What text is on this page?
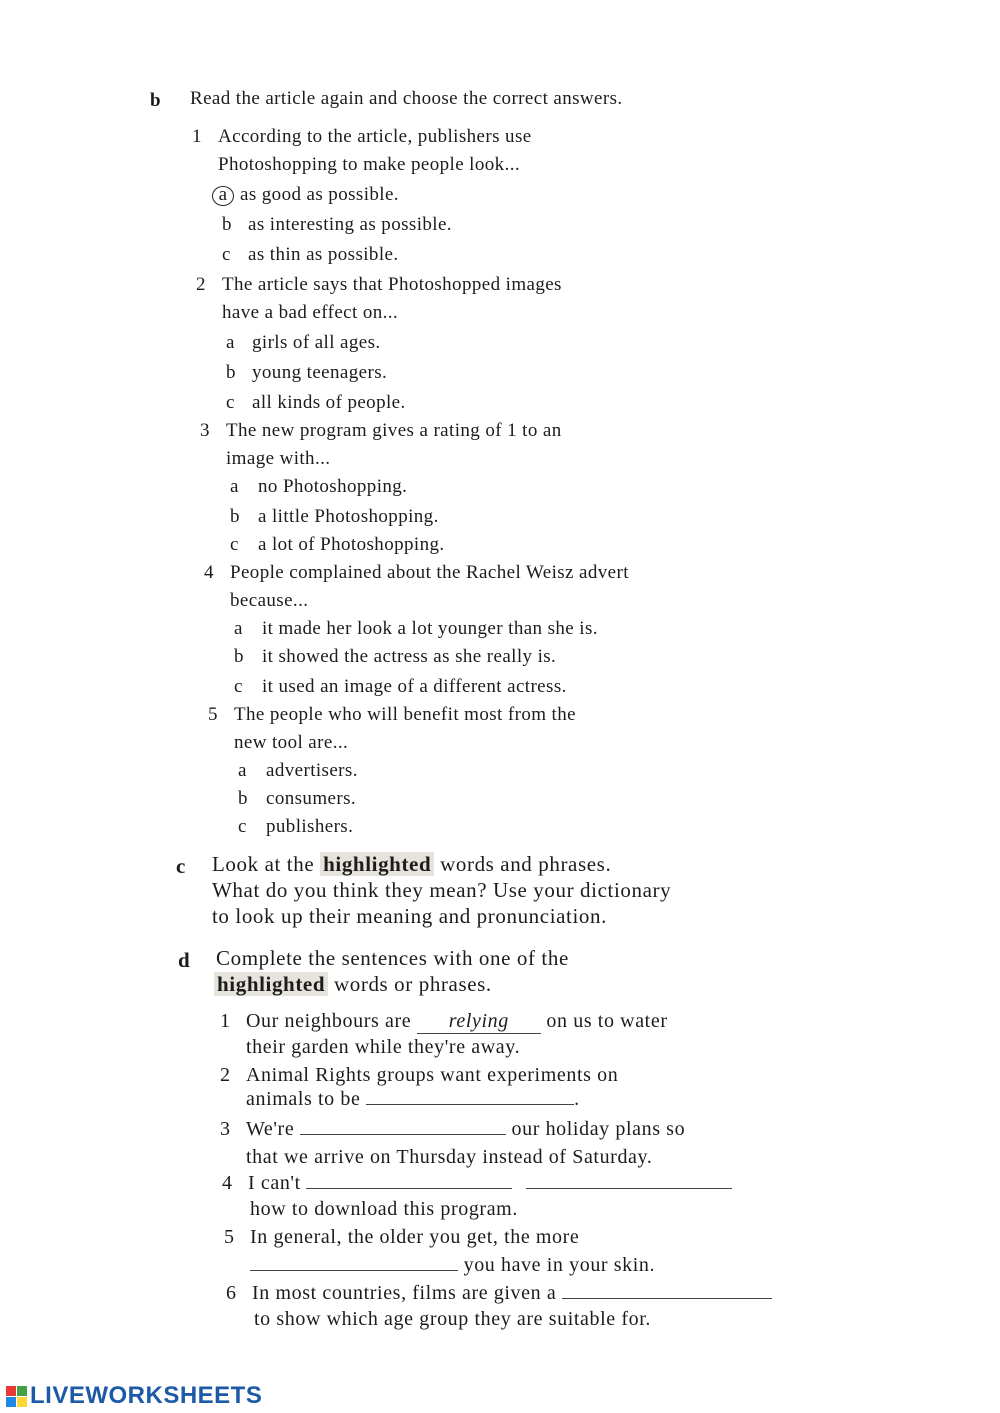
b Read the article again and choose the correct answers.
1 According to the article, publishers use
Photoshopping to make people look...
a as good as possible.
b as interesting as possible.
c as thin as possible.
2 The article says that Photoshopped images
have a bad effect on...
a girls of all ages.
b young teenagers.
c all kinds of people.
3 The new program gives a rating of 1 to an
image with...
a no Photoshopping.
b a little Photoshopping.
c a lot of Photoshopping.
4 People complained about the Rachel Weisz advert
because...
a it made her look a lot younger than she is.
b it showed the actress as she really is.
c it used an image of a different actress.
5 The people who will benefit most from the
new tool are...
a advertisers.
b consumers.
c publishers.
c Look at the highlighted words and phrases.
What do you think they mean? Use your dictionary
to look up their meaning and pronunciation.
d Complete the sentences with one of the
highlighted words or phrases.
1 Our neighbours are relying on us to water
their garden while they're away.
2 Animal Rights groups want experiments on
animals to be	.
3 We're	our holiday plans so
that we arrive on Thursday instead of Saturday.
4 I can't
how to download this program.
5 In general, the older you get, the more
you have in your skin.
6 In most countries, films are given a
to show which age group they are suitable for.
LIVEWORKSHEETS
